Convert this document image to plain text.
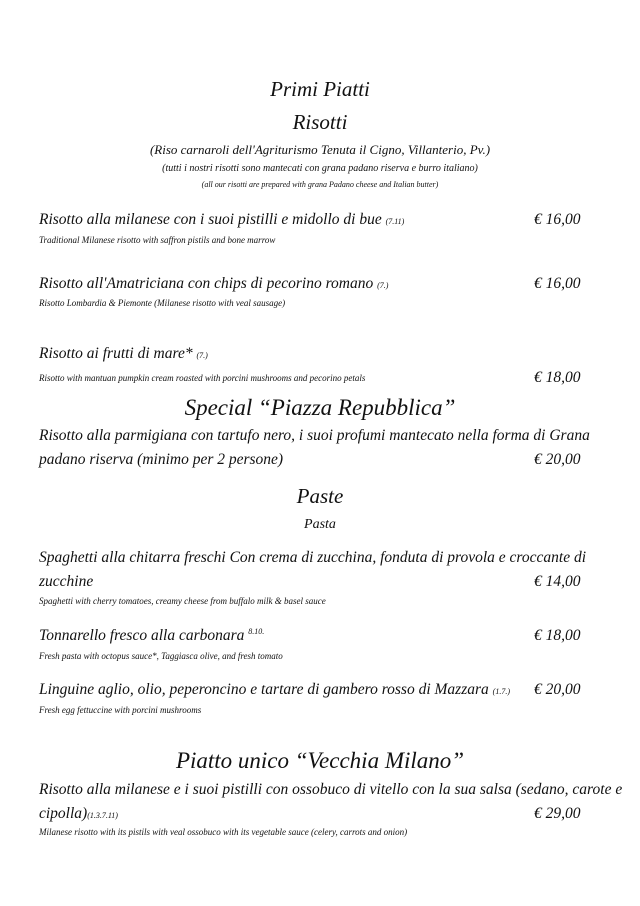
Primi Piatti
Risotti
(Riso carnaroli dell'Agriturismo Tenuta il Cigno, Villanterio, Pv.)
(tutti i nostri risotti sono mantecati con grana padano riserva e burro italiano)
(all our risotti are prepared with grana Padano cheese and Italian butter)
Risotto alla milanese con i suoi pistilli e midollo di bue (7.11)	€ 16,00
Traditional Milanese risotto with saffron pistils and bone marrow
Risotto all'Amatriciana con chips di pecorino romano (7.)	€ 16,00
Risotto Lombardia & Piemonte (Milanese risotto with veal sausage)
Risotto ai frutti di mare* (7.)
Risotto with mantuan pumpkin cream roasted with porcini mushrooms and pecorino petals	€ 18,00
Special “Piazza Repubblica”
Risotto alla parmigiana con tartufo nero, i suoi profumi mantecato nella forma di Grana
padano riserva (minimo per 2 persone)	€ 20,00
Paste
Pasta
Spaghetti alla chitarra freschi Con crema di zucchina, fonduta di provola e croccante di
zucchine	€ 14,00
Spaghetti with cherry tomatoes, creamy cheese from buffalo milk & basel sauce
Tonnarello fresco alla carbonara $^{8.10.}$	€ 18,00
Fresh pasta with octopus sauce*, Taggiasca olive, and fresh tomato
Linguine aglio, olio, peperoncino e tartare di gambero rosso di Mazzara (1.7.) € 20,00
Fresh egg fettuccine with porcini mushrooms
Piatto unico “Vecchia Milano”
Risotto alla milanese e i suoi pistilli con ossobuco di vitello con la sua salsa (sedano, carote e
cipolla)(1.3.7.11)	€ 29,00
Milanese risotto with its pistils with veal ossobuco with its vegetable sauce (celery, carrots and onion)
